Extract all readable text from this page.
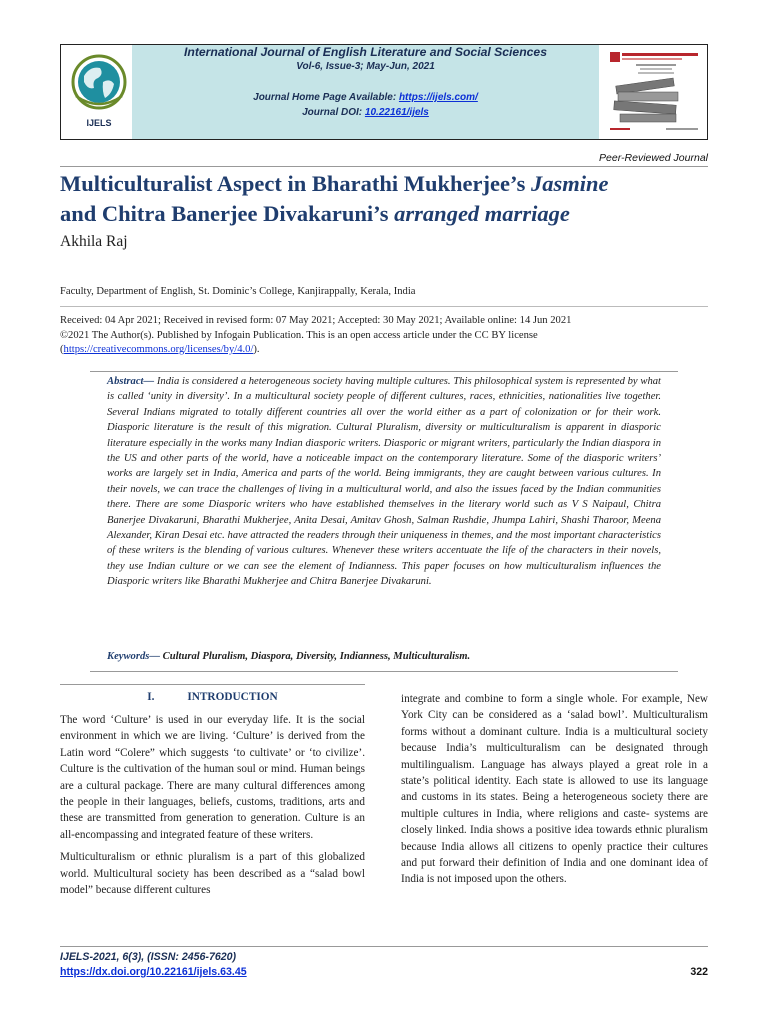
IJELS
International Journal of English Literature and Social Sciences
Vol-6, Issue-3; May-Jun, 2021
Journal Home Page Available: https://ijels.com/
Journal DOI: 10.22161/ijels
Peer-Reviewed Journal
Multiculturalist Aspect in Bharathi Mukherjee’s Jasmine
and Chitra Banerjee Divakaruni’s arranged marriage
Akhila Raj
Faculty, Department of English, St. Dominic’s College, Kanjirappally, Kerala, India
Received: 04 Apr 2021; Received in revised form: 07 May 2021; Accepted: 30 May 2021; Available online: 14 Jun 2021
©2021 The Author(s). Published by Infogain Publication. This is an open access article under the CC BY license
(https://creativecommons.org/licenses/by/4.0/).
Abstract— India is considered a heterogeneous society having multiple cultures. This philosophical system is represented by what is called ‘unity in diversity’. In a multicultural society people of different cultures, races, ethnicities, nationalities live together. Several Indians migrated to totally different countries all over the world either as a part of colonization or for their work. Diasporic literature is the result of this migration. Cultural Pluralism, diversity or multiculturalism is apparent in diasporic literature especially in the works many Indian diasporic writers. Diasporic or migrant writers, particularly the Indian diaspora in the US and other parts of the world, have a noticeable impact on the contemporary literature. Some of the diasporic writers’ works are largely set in India, America and parts of the world. Being immigrants, they are caught between various cultures. In their novels, we can trace the challenges of living in a multicultural world, and also the issues faced by the Indian communities there. There are some Diasporic writers who have established themselves in the literary world such as V S Naipaul, Chitra Banerjee Divakaruni, Bharathi Mukherjee, Anita Desai, Amitav Ghosh, Salman Rushdie, Jhumpa Lahiri, Shashi Tharoor, Meena Alexander, Kiran Desai etc. have attracted the readers through their uniqueness in themes, and the most important characteristics of these writers is the blending of various cultures. Whenever these writers accentuate the life of the characters in their novels, they use Indian culture or we can see the element of Indianness. This paper focuses on how multiculturalism influences the Diasporic writers like Bharathi Mukherjee and Chitra Banerjee Divakaruni.
Keywords— Cultural Pluralism, Diaspora, Diversity, Indianness, Multiculturalism.
I.	INTRODUCTION

The word ‘Culture’ is used in our everyday life. It is the social environment in which we are living. ‘Culture’ is derived from the Latin word “Colere” which suggests ‘to cultivate’ or ‘to civilize’. Culture is the cultivation of the human soul or mind. Human beings are a cultural package. There are many cultural differences among the people in their languages, beliefs, customs, traditions, arts and these are transmitted from generation to generation. Culture is an all-encompassing and integrated feature of these writers.

Multiculturalism or ethnic pluralism is a part of this globalized world. Multicultural society has been described as a “salad bowl model” because different cultures

integrate and combine to form a single whole. For example, New York City can be considered as a ‘salad bowl’. Multiculturalism forms without a dominant culture. India is a multicultural society because India’s multiculturalism can be designated through multilingualism. Language has always played a great role in a state’s political identity. Each state is allowed to use its language and customs in its states. Being a heterogeneous society there are multiple cultures in India, where religions and caste- systems are closely linked. India shows a positive idea towards ethnic pluralism because India allows all citizens to openly practice their cultures and put forward their definition of India and one dominant idea of India is not imposed upon the others.

IJELS-2021, 6(3), (ISSN: 2456-7620)
https://dx.doi.org/10.22161/ijels.63.45	322
